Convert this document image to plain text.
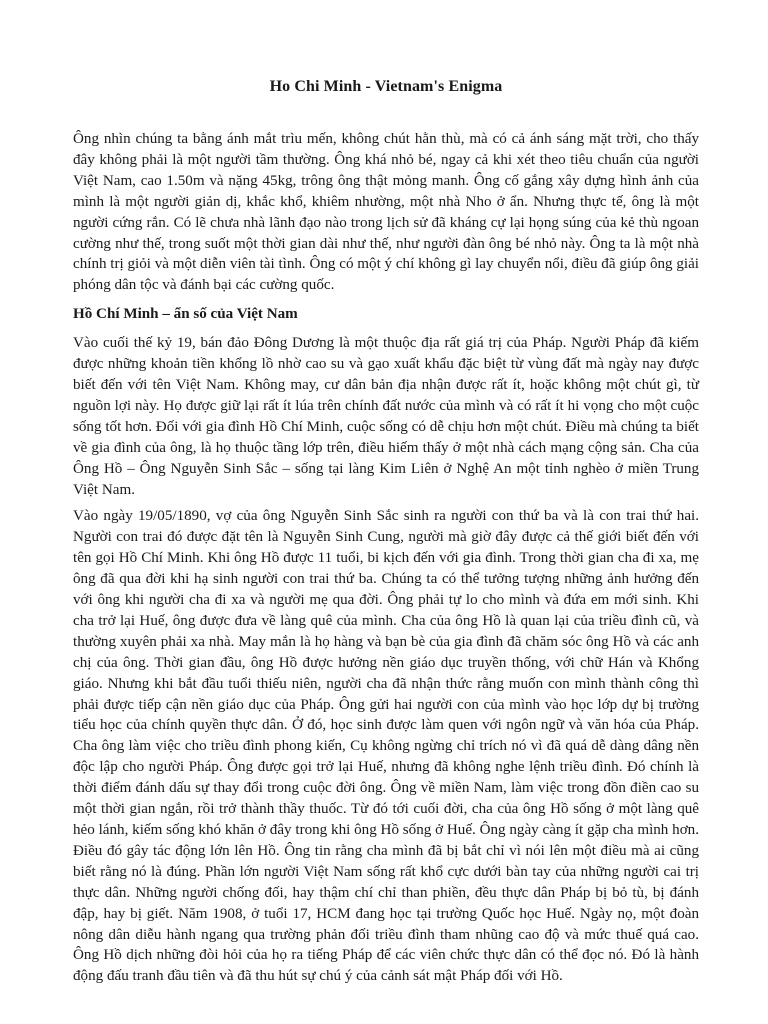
Ho Chi Minh - Vietnam's Enigma

Ông nhìn chúng ta bằng ánh mắt trìu mến, không chút hằn thù, mà có cả ánh sáng mặt trời, cho thấy đây không phải là một người tầm thường. Ông khá nhỏ bé, ngay cả khi xét theo tiêu chuẩn của người Việt Nam, cao 1.50m và nặng 45kg, trông ông thật mỏng manh. Ông cố gắng xây dựng hình ảnh của mình là một người giản dị, khắc khổ, khiêm nhường, một nhà Nho ở ẩn. Nhưng thực tế, ông là một người cứng rắn. Có lẽ chưa nhà lãnh đạo nào trong lịch sử đã kháng cự lại họng súng của kẻ thù ngoan cường như thế, trong suốt một thời gian dài như thế, như người đàn ông bé nhỏ này. Ông ta là một nhà chính trị giỏi và một diễn viên tài tình. Ông có một ý chí không gì lay chuyển nổi, điều đã giúp ông giải phóng dân tộc và đánh bại các cường quốc.

Hồ Chí Minh – ẩn số của Việt Nam

Vào cuối thế kỷ 19, bán đảo Đông Dương là một thuộc địa rất giá trị của Pháp. Người Pháp đã kiếm được những khoản tiền khổng lồ nhờ cao su và gạo xuất khẩu đặc biệt từ vùng đất mà ngày nay được biết đến với tên Việt Nam. Không may, cư dân bản địa nhận được rất ít, hoặc không một chút gì, từ nguồn lợi này. Họ được giữ lại rất ít lúa trên chính đất nước của mình và có rất ít hi vọng cho một cuộc sống tốt hơn. Đối với gia đình Hồ Chí Minh, cuộc sống có dễ chịu hơn một chút. Điều mà chúng ta biết về gia đình của ông, là họ thuộc tầng lớp trên, điều hiếm thấy ở một nhà cách mạng cộng sản. Cha của Ông Hồ – Ông Nguyễn Sinh Sắc – sống tại làng Kim Liên ở Nghệ An một tỉnh nghèo ở miền Trung Việt Nam.

Vào ngày 19/05/1890, vợ của ông Nguyễn Sinh Sắc sinh ra người con thứ ba và là con trai thứ hai. Người con trai đó được đặt tên là Nguyễn Sinh Cung, người mà giờ đây được cả thế giới biết đến với tên gọi Hồ Chí Minh. Khi ông Hồ được 11 tuổi, bi kịch đến với gia đình. Trong thời gian cha đi xa, mẹ ông đã qua đời khi hạ sinh người con trai thứ ba. Chúng ta có thể tưởng tượng những ảnh hưởng đến với ông khi người cha đi xa và người mẹ qua đời. Ông phải tự lo cho mình và đứa em mới sinh. Khi cha trở lại Huế, ông được đưa về làng quê của mình. Cha của ông Hồ là quan lại của triều đình cũ, và thường xuyên phải xa nhà. May mắn là họ hàng và bạn bè của gia đình đã chăm sóc ông Hồ và các anh chị của ông. Thời gian đầu, ông Hồ được hưởng nền giáo dục truyền thống, với chữ Hán và Khổng giáo. Nhưng khi bắt đầu tuổi thiếu niên, người cha đã nhận thức rằng muốn con mình thành công thì phải được tiếp cận nền giáo dục của Pháp. Ông gửi hai người con của mình vào học lớp dự bị trường tiểu học của chính quyền thực dân. Ở đó, học sinh được làm quen với ngôn ngữ và văn hóa của Pháp. Cha ông làm việc cho triều đình phong kiến, Cụ không ngừng chỉ trích nó vì đã quá dễ dàng dâng nền độc lập cho người Pháp. Ông được gọi trở lại Huế, nhưng đã không nghe lệnh triều đình. Đó chính là thời điểm đánh dấu sự thay đổi trong cuộc đời ông. Ông về miền Nam, làm việc trong đồn điền cao su một thời gian ngắn, rồi trở thành thầy thuốc. Từ đó tới cuối đời, cha của ông Hồ sống ở một làng quê hẻo lánh, kiếm sống khó khăn ở đây trong khi ông Hồ sống ở Huế. Ông ngày càng ít gặp cha mình hơn. Điều đó gây tác động lớn lên Hồ. Ông tin rằng cha mình đã bị bắt chỉ vì nói lên một điều mà ai cũng biết rằng nó là đúng. Phần lớn người Việt Nam sống rất khổ cực dưới bàn tay của những người cai trị thực dân. Những người chống đối, hay thậm chí chỉ than phiền, đều thực dân Pháp bị bỏ tù, bị đánh đập, hay bị giết. Năm 1908, ở tuổi 17, HCM đang học tại trường Quốc học Huế. Ngày nọ, một đoàn nông dân diễu hành ngang qua trường phản đối triều đình tham nhũng cao độ và mức thuế quá cao. Ông Hồ dịch những đòi hỏi của họ ra tiếng Pháp để các viên chức thực dân có thể đọc nó. Đó là hành động đấu tranh đầu tiên và đã thu hút sự chú ý của cảnh sát mật Pháp đối với Hồ.
